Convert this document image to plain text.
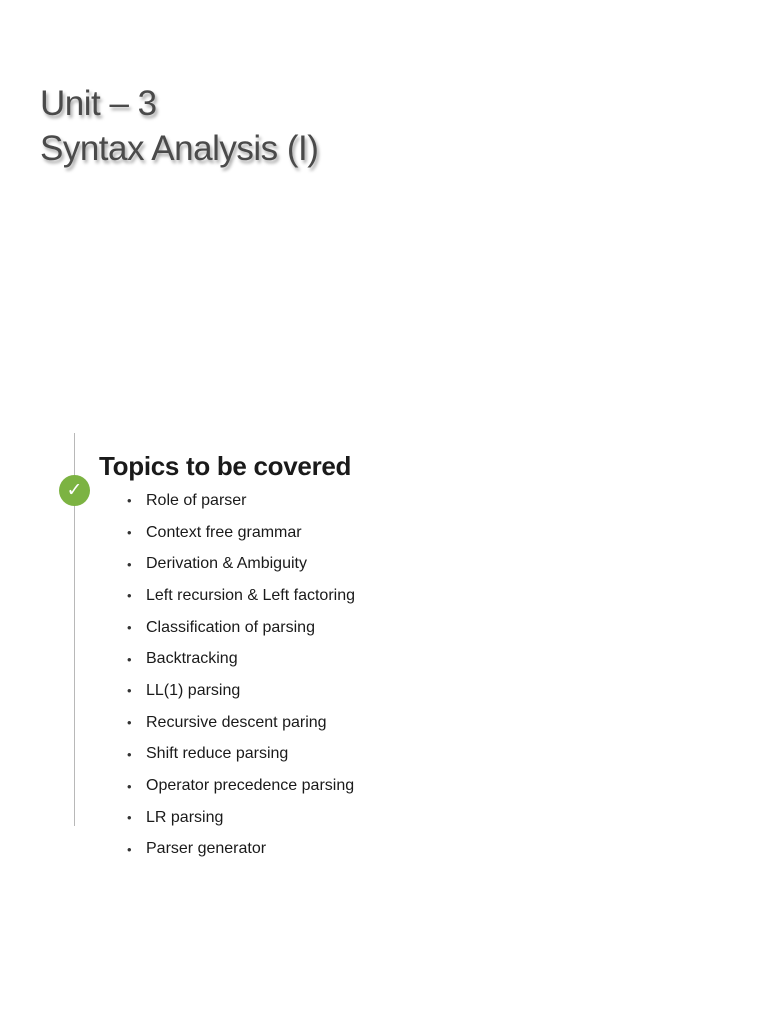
Unit – 3
Syntax Analysis (I)
✓
Topics to be covered
• Role of parser
• Context free grammar
• Derivation & Ambiguity
• Left recursion & Left factoring
• Classification of parsing
• Backtracking
• LL(1) parsing
• Recursive descent paring
• Shift reduce parsing
• Operator precedence parsing
• LR parsing
• Parser generator
